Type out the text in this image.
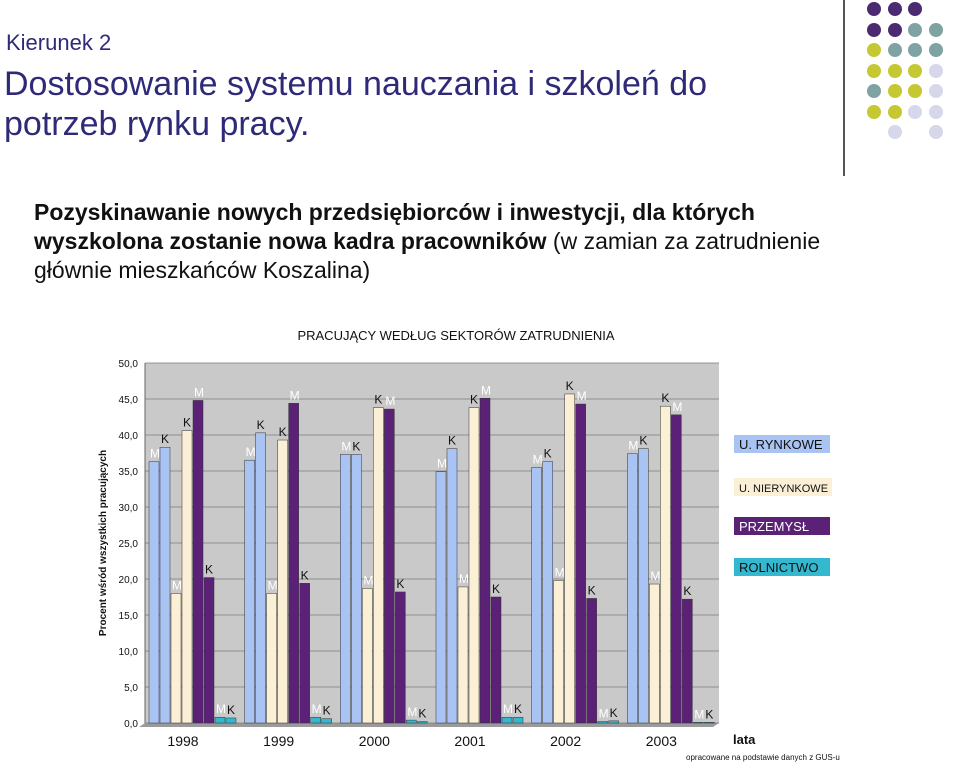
Kierunek 2
Dostosowanie systemu nauczania i szkoleń do potrzeb rynku pracy.

Pozyskinawanie nowych przedsiębiorców i inwestycji, dla których wyszkolona zostanie nowa kadra pracowników (w zamian za zatrudnienie głównie mieszkańców Koszalina)

PRACUJĄCY WEDŁUG SEKTORÓW ZATRUDNIENIA
0,0
5,0
10,0
15,0
20,0
25,0
30,0
35,0
40,0
45,0
50,0
Procent wśród wszystkich pracujących
1998
M
K
M
K
M
K
M K
1999
M
K
M
K
M
K
M K
2000
M K
M
K M
K
M K
2001
M
K
M
K
M
K
M K
2002
M K
M
K
M
K
M K
2003
M K
M
K
M
K
M K
lata
opracowane na podstawie danych z GUS-u
U. RYNKOWE
U. NIERYNKOWE
PRZEMYSŁ
ROLNICTWO
